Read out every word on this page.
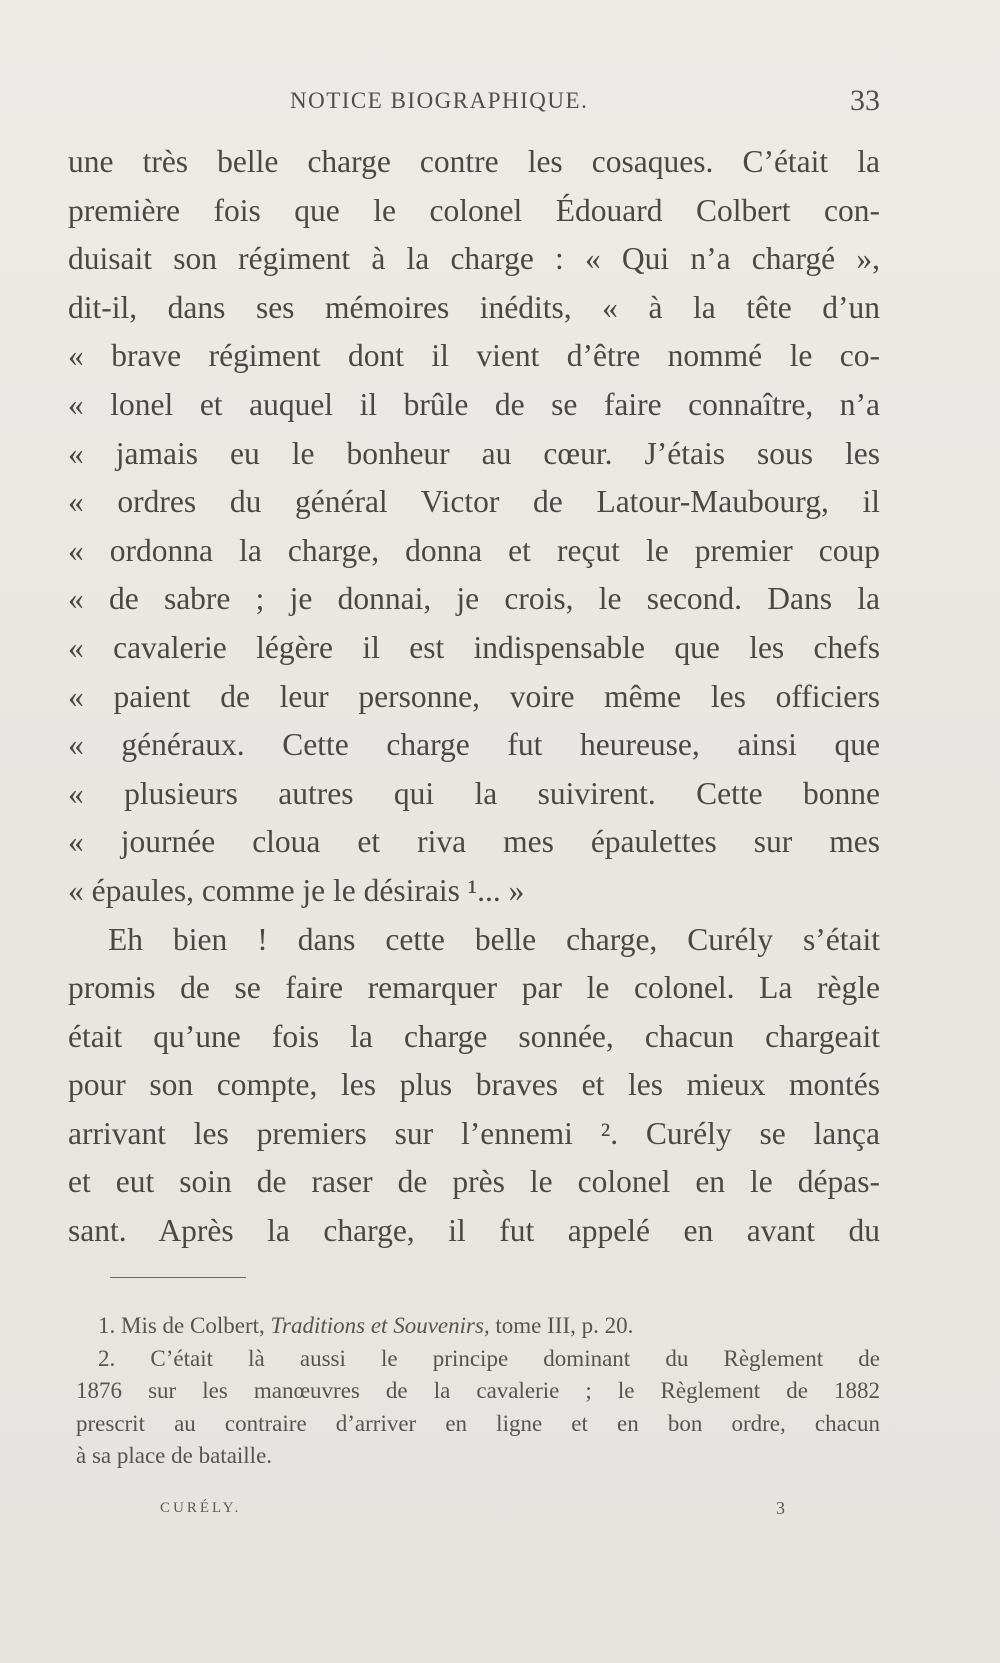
NOTICE BIOGRAPHIQUE.	33
une très belle charge contre les cosaques. C’était la
première fois que le colonel Édouard Colbert con-
duisait son régiment à la charge : « Qui n’a chargé »,
dit-il, dans ses mémoires inédits, « à la tête d’un
« brave régiment dont il vient d’être nommé le co-
« lonel et auquel il brûle de se faire connaître, n’a
« jamais eu le bonheur au cœur. J’étais sous les
« ordres du général Victor de Latour-Maubourg, il
« ordonna la charge, donna et reçut le premier coup
« de sabre ; je donnai, je crois, le second. Dans la
« cavalerie légère il est indispensable que les chefs
« paient de leur personne, voire même les officiers
« généraux. Cette charge fut heureuse, ainsi que
« plusieurs autres qui la suivirent. Cette bonne
« journée cloua et riva mes épaulettes sur mes
« épaules, comme je le désirais ¹... »
Eh bien ! dans cette belle charge, Curély s’était
promis de se faire remarquer par le colonel. La règle
était qu’une fois la charge sonnée, chacun chargeait
pour son compte, les plus braves et les mieux montés
arrivant les premiers sur l’ennemi ². Curély se lança
et eut soin de raser de près le colonel en le dépas-
sant. Après la charge, il fut appelé en avant du
1. Mis de Colbert, Traditions et Souvenirs, tome III, p. 20.
2. C’était là aussi le principe dominant du Règlement de
1876 sur les manœuvres de la cavalerie ; le Règlement de 1882
prescrit au contraire d’arriver en ligne et en bon ordre, chacun
à sa place de bataille.
CURÉLY.	3
